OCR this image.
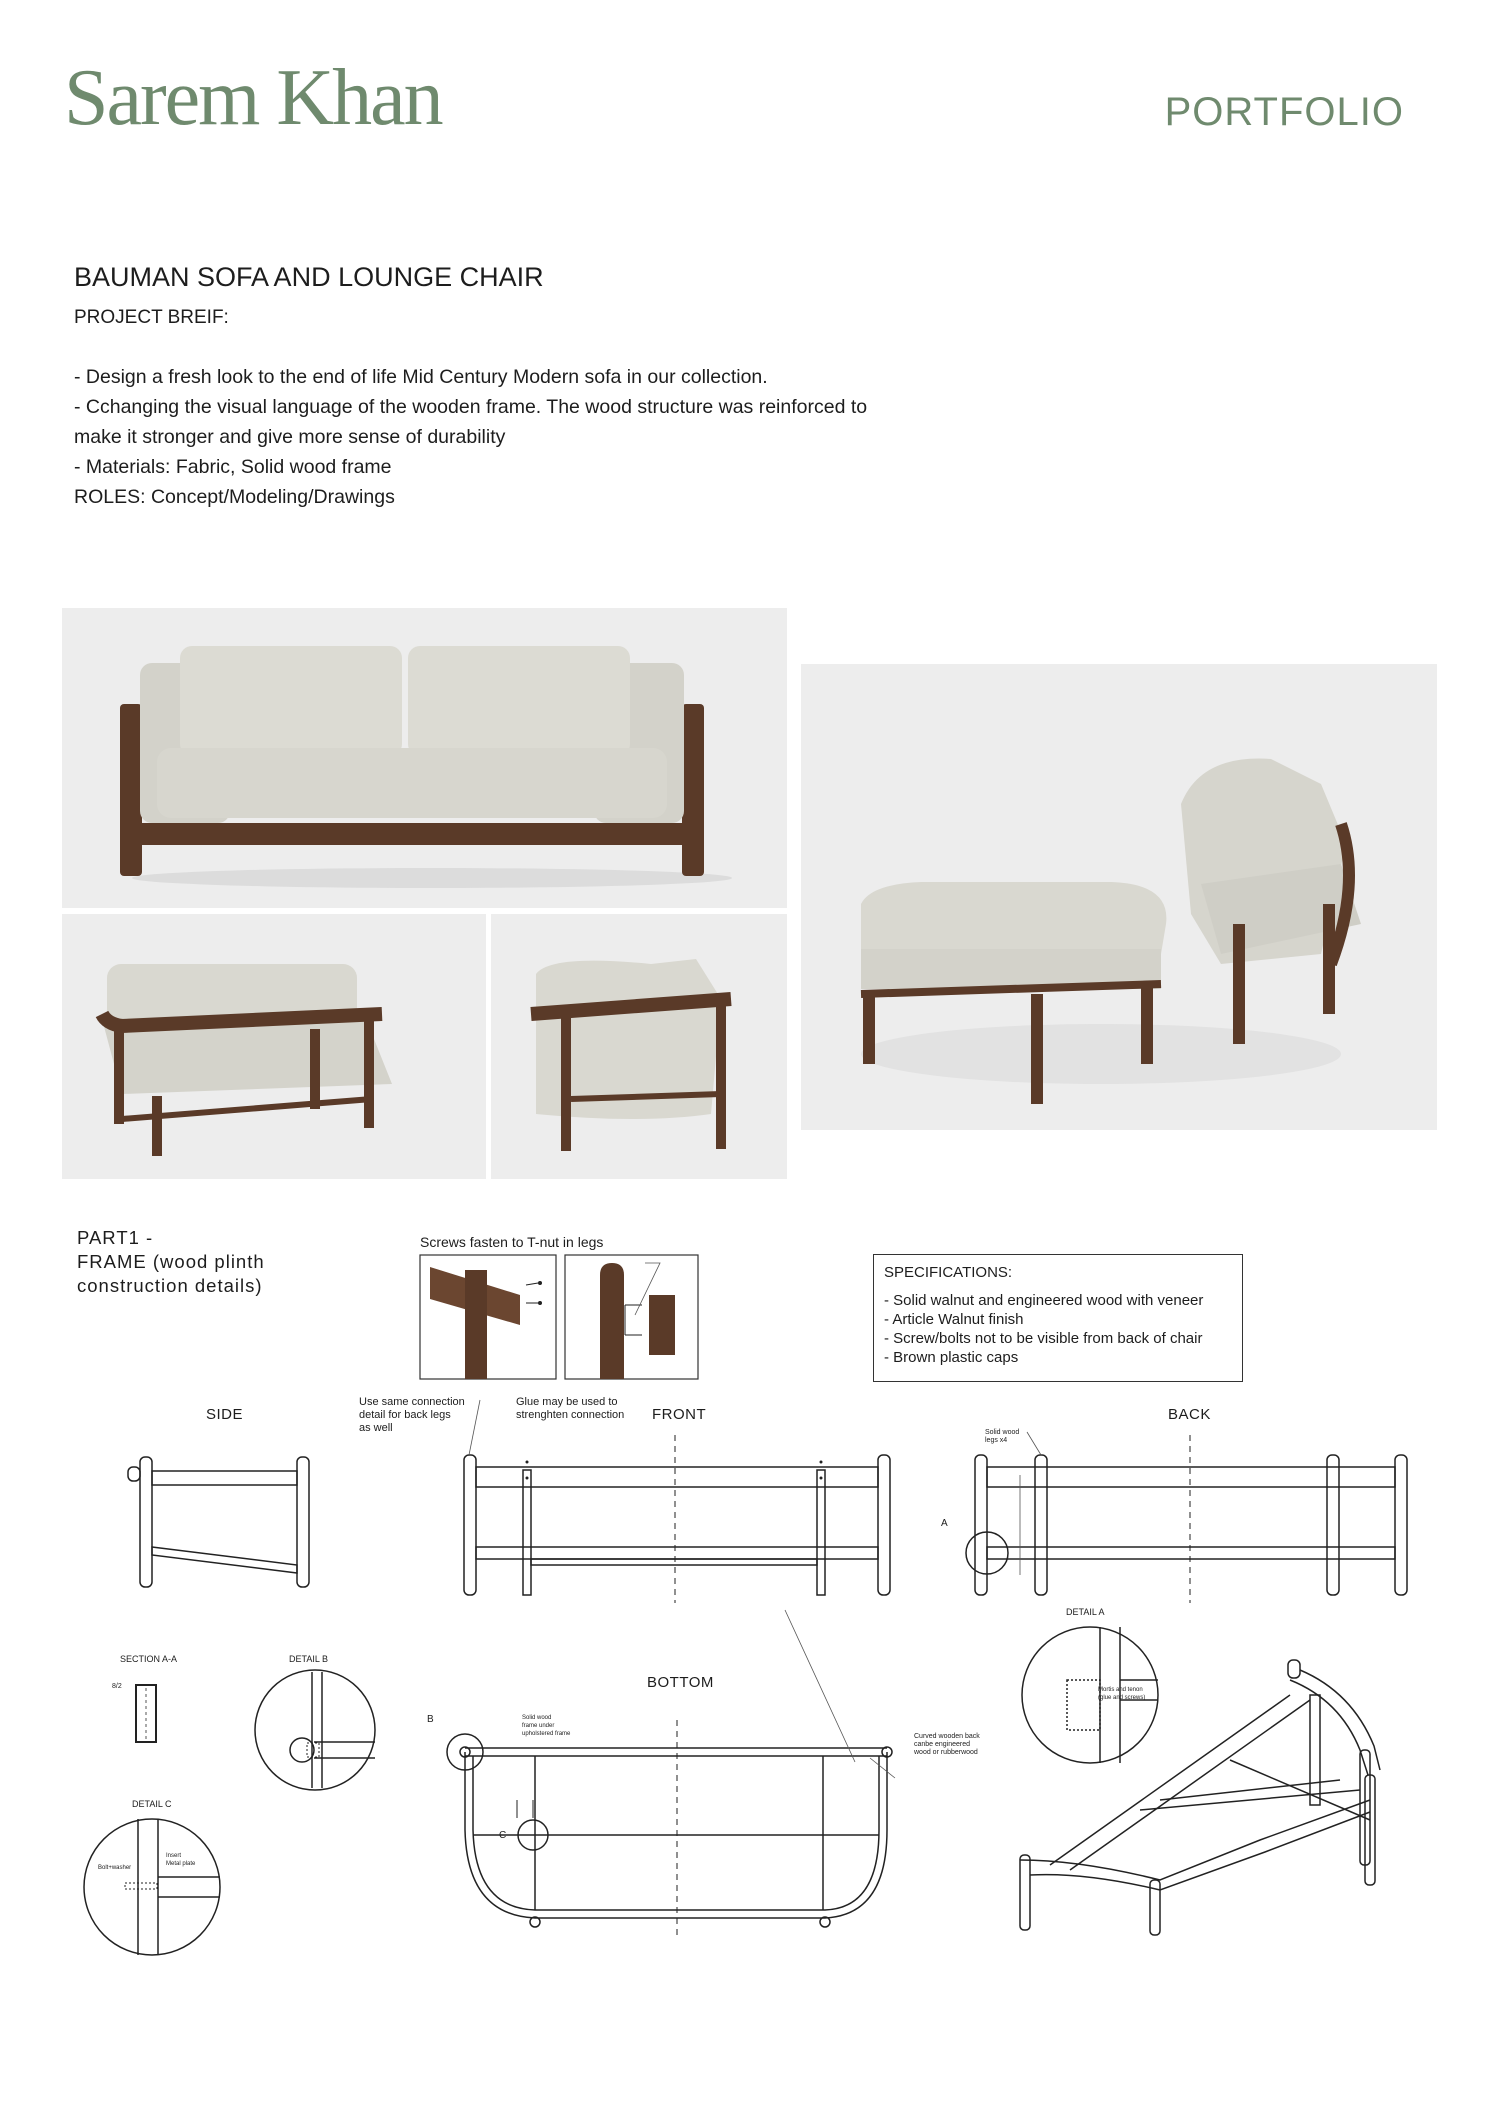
Sarem Khan	PORTFOLIO
BAUMAN SOFA AND LOUNGE CHAIR
PROJECT BREIF:
- Design a fresh look to the end of life Mid Century Modern sofa in our collection.
- Cchanging the visual language of the wooden frame. The wood structure was reinforced to
make it stronger and give more sense of durability
- Materials: Fabric, Solid wood frame
ROLES: Concept/Modeling/Drawings
PART1 -
FRAME (wood plinth
construction details)
Screws fasten to T-nut in legs
Use same connection
detail for back legs
as well
Glue may be used to
strenghten connection
SPECIFICATIONS:
- Solid walnut and engineered wood with veneer
- Article Walnut finish
- Screw/bolts not to be visible from back of chair
- Brown plastic caps
SIDE	FRONT	BACK
BOTTOM
Solid wood
legs x4
A
DETAIL A
Mortis and tenon
(glue and screws)
SECTION A-A	DETAIL B
8/2
DETAIL C
Bolt+washer
Insert
Metal plate
B
C
Solid wood
frame under
upholstered frame	Curved wooden back
canbe engineered
wood or rubberwood
